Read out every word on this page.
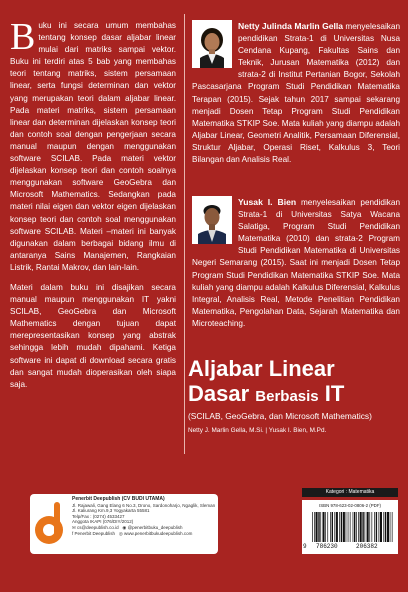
Buku ini secara umum membahas tentang konsep dasar aljabar linear mulai dari matriks sampai vektor. Buku ini terdiri atas 5 bab yang membahas teori tentang matriks, sistem persamaan linear, serta fungsi determinan dan vektor yang merupakan teori dalam aljabar linear. Pada materi matriks, sistem persamaan linear dan determinan dijelaskan konsep teori dan contoh soal dengan pengerjaan secara manual maupun dengan menggunakan software SCILAB. Pada materi vektor dijelaskan konsep teori dan contoh soalnya menggunakan software GeoGebra dan Microsoft Mathematics. Sedangkan pada materi nilai eigen dan vektor eigen dijelaskan konsep teori dan contoh soal menggunakan software SCILAB. Materi –materi ini banyak digunakan dalam berbagai bidang ilmu di antaranya Sains Manajemen, Rangkaian Listrik, Rantai Makrov, dan lain-lain.

Materi dalam buku ini disajikan secara manual maupun menggunakan IT yakni SCILAB, GeoGebra dan Microsoft Mathematics dengan tujuan dapat merepresentasikan konsep yang abstrak sehingga lebih mudah dipahami. Ketiga software ini dapat di download secara gratis dan sangat mudah dioperasikan oleh siapa saja.

Netty Julinda Marlin Gella menyelesaikan pendidikan Strata-1 di Universitas Nusa Cendana Kupang, Fakultas Sains dan Teknik, Jurusan Matematika (2012) dan strata-2 di Institut Pertanian Bogor, Sekolah Pascasarjana Program Studi Pendidikan Matematika Terapan (2015). Sejak tahun 2017 sampai sekarang menjadi Dosen Tetap Program Studi Pendidikan Matematika STKIP Soe. Mata kuliah yang diampu adalah Aljabar Linear, Geometri Analitik, Persamaan Diferensial, Struktur Aljabar, Operasi Riset, Kalkulus 3, Teori Bilangan dan Analisis Real.
Yusak I. Bien menyelesaikan pendidikan Strata-1 di Universitas Satya Wacana Salatiga, Program Studi Pendidikan Matematika (2010) dan strata-2 Program Studi Pendidikan Matematika di Universitas Negeri Semarang (2015). Saat ini menjadi Dosen Tetap Program Studi Pendidikan Matematika STKIP Soe. Mata kuliah yang diampu adalah Kalkulus Diferensial, Kalkulus Integral, Analisis Real, Metode Penelitian Pendidikan Matematika, Pengolahan Data, Sejarah Matematika dan Microteaching.
Aljabar Linear
Dasar Berbasis IT
(SCILAB, GeoGebra, dan Microsoft Mathematics)
Netty J. Marlin Gella, M.Si. | Yusak I. Bien, M.Pd.
Penerbit Deepublish (CV BUDI UTAMA)
Jl. Rajawali, Gang Elang 6 No.3, Drono, Sardonoharjo, Ngaglik, Sleman
Jl. Kaliurang Km.9,3 Yogyakarta 55581
Telp/Fax : (0274) 4533427
Anggota IKAPI (076/DIY/2012)
✉ cs@deepublish.co.id ◉ @penerbitbuku_deepublish
f Penerbit Deepublish ◎ www.penerbitbukudeepublish.com
Kategori : Matematika
ISBN 978-623-02-0806-2 (PDF)
9 786230	206382
